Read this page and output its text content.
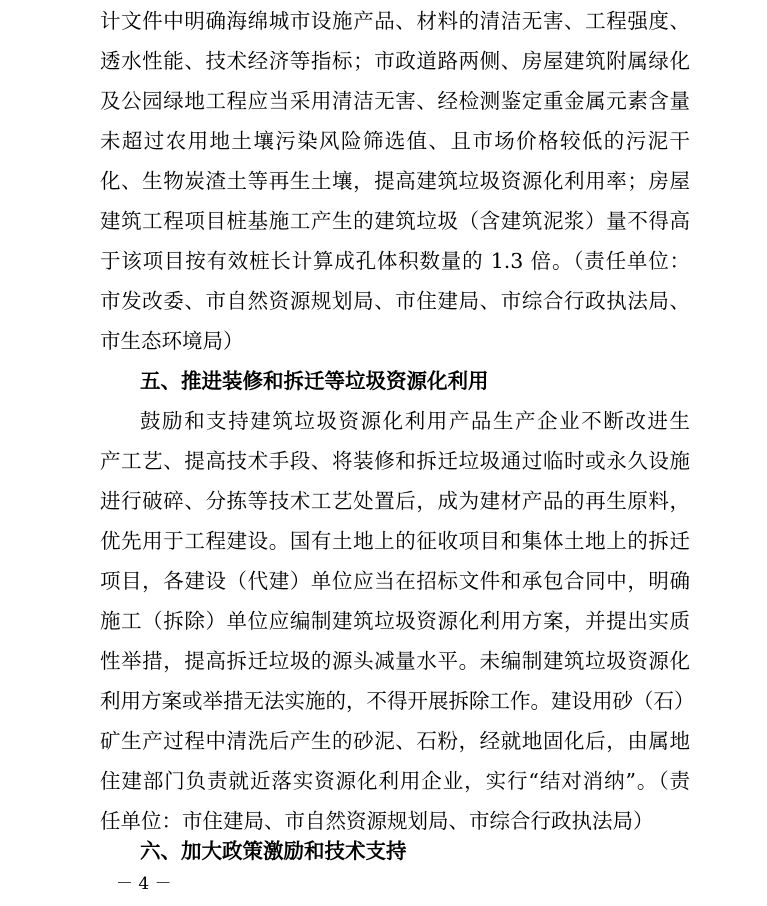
计文件中明确海绵城市设施产品、材料的清洁无害、工程强度、
透水性能、技术经济等指标；市政道路两侧、房屋建筑附属绿化
及公园绿地工程应当采用清洁无害、经检测鉴定重金属元素含量
未超过农用地土壤污染风险筛选值、且市场价格较低的污泥干
化、生物炭渣土等再生土壤，提高建筑垃圾资源化利用率；房屋
建筑工程项目桩基施工产生的建筑垃圾（含建筑泥浆）量不得高
于该项目按有效桩长计算成孔体积数量的 1.3 倍。（责任单位：
市发改委、市自然资源规划局、市住建局、市综合行政执法局、
市生态环境局）
五、推进装修和拆迁等垃圾资源化利用
鼓励和支持建筑垃圾资源化利用产品生产企业不断改进生
产工艺、提高技术手段、将装修和拆迁垃圾通过临时或永久设施
进行破碎、分拣等技术工艺处置后，成为建材产品的再生原料，
优先用于工程建设。国有土地上的征收项目和集体土地上的拆迁
项目，各建设（代建）单位应当在招标文件和承包合同中，明确
施工（拆除）单位应编制建筑垃圾资源化利用方案，并提出实质
性举措，提高拆迁垃圾的源头减量水平。未编制建筑垃圾资源化
利用方案或举措无法实施的，不得开展拆除工作。建设用砂（石）
矿生产过程中清洗后产生的砂泥、石粉，经就地固化后，由属地
住建部门负责就近落实资源化利用企业，实行“结对消纳”。（责
任单位：市住建局、市自然资源规划局、市综合行政执法局）
六、加大政策激励和技术支持
－ 4 －
